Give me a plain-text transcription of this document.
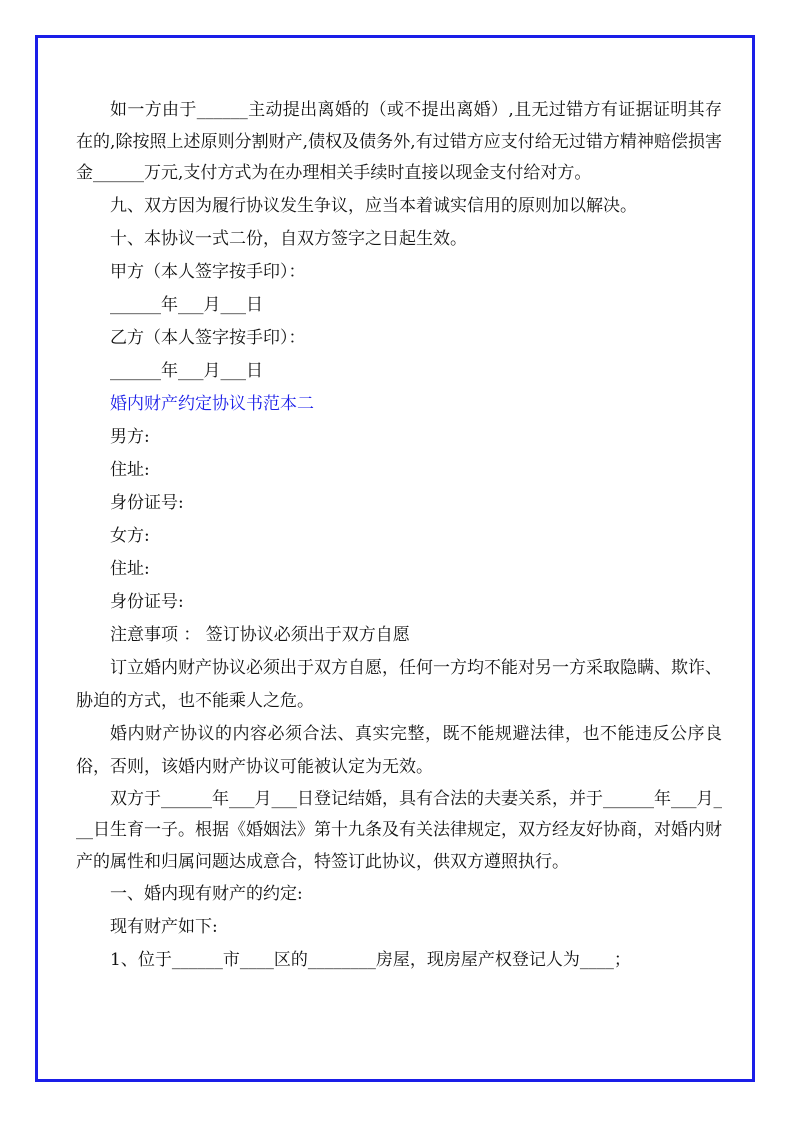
如一方由于______主动提出离婚的（或不提出离婚）,且无过错方有证据证明其存在的,除按照上述原则分割财产,债权及债务外,有过错方应支付给无过错方精神赔偿损害金______万元,支付方式为在办理相关手续时直接以现金支付给对方。

九、双方因为履行协议发生争议，应当本着诚实信用的原则加以解决。

十、本协议一式二份，自双方签字之日起生效。

甲方（本人签字按手印）：

______年___月___日

乙方（本人签字按手印）：

______年___月___日

婚内财产约定协议书范本二

男方:

住址:

身份证号:

女方:

住址:

身份证号:

注意事项 ： 签订协议必须出于双方自愿

订立婚内财产协议必须出于双方自愿，任何一方均不能对另一方采取隐瞒、欺诈、胁迫的方式，也不能乘人之危。

婚内财产协议的内容必须合法、真实完整，既不能规避法律，也不能违反公序良俗，否则，该婚内财产协议可能被认定为无效。

双方于______年___月___日登记结婚，具有合法的夫妻关系，并于______年___月___日生育一子。根据《婚姻法》第十九条及有关法律规定，双方经友好协商，对婚内财产的属性和归属问题达成意合，特签订此协议，供双方遵照执行。

一、婚内现有财产的约定:

现有财产如下:

1、位于______市____区的________房屋，现房屋产权登记人为____；
